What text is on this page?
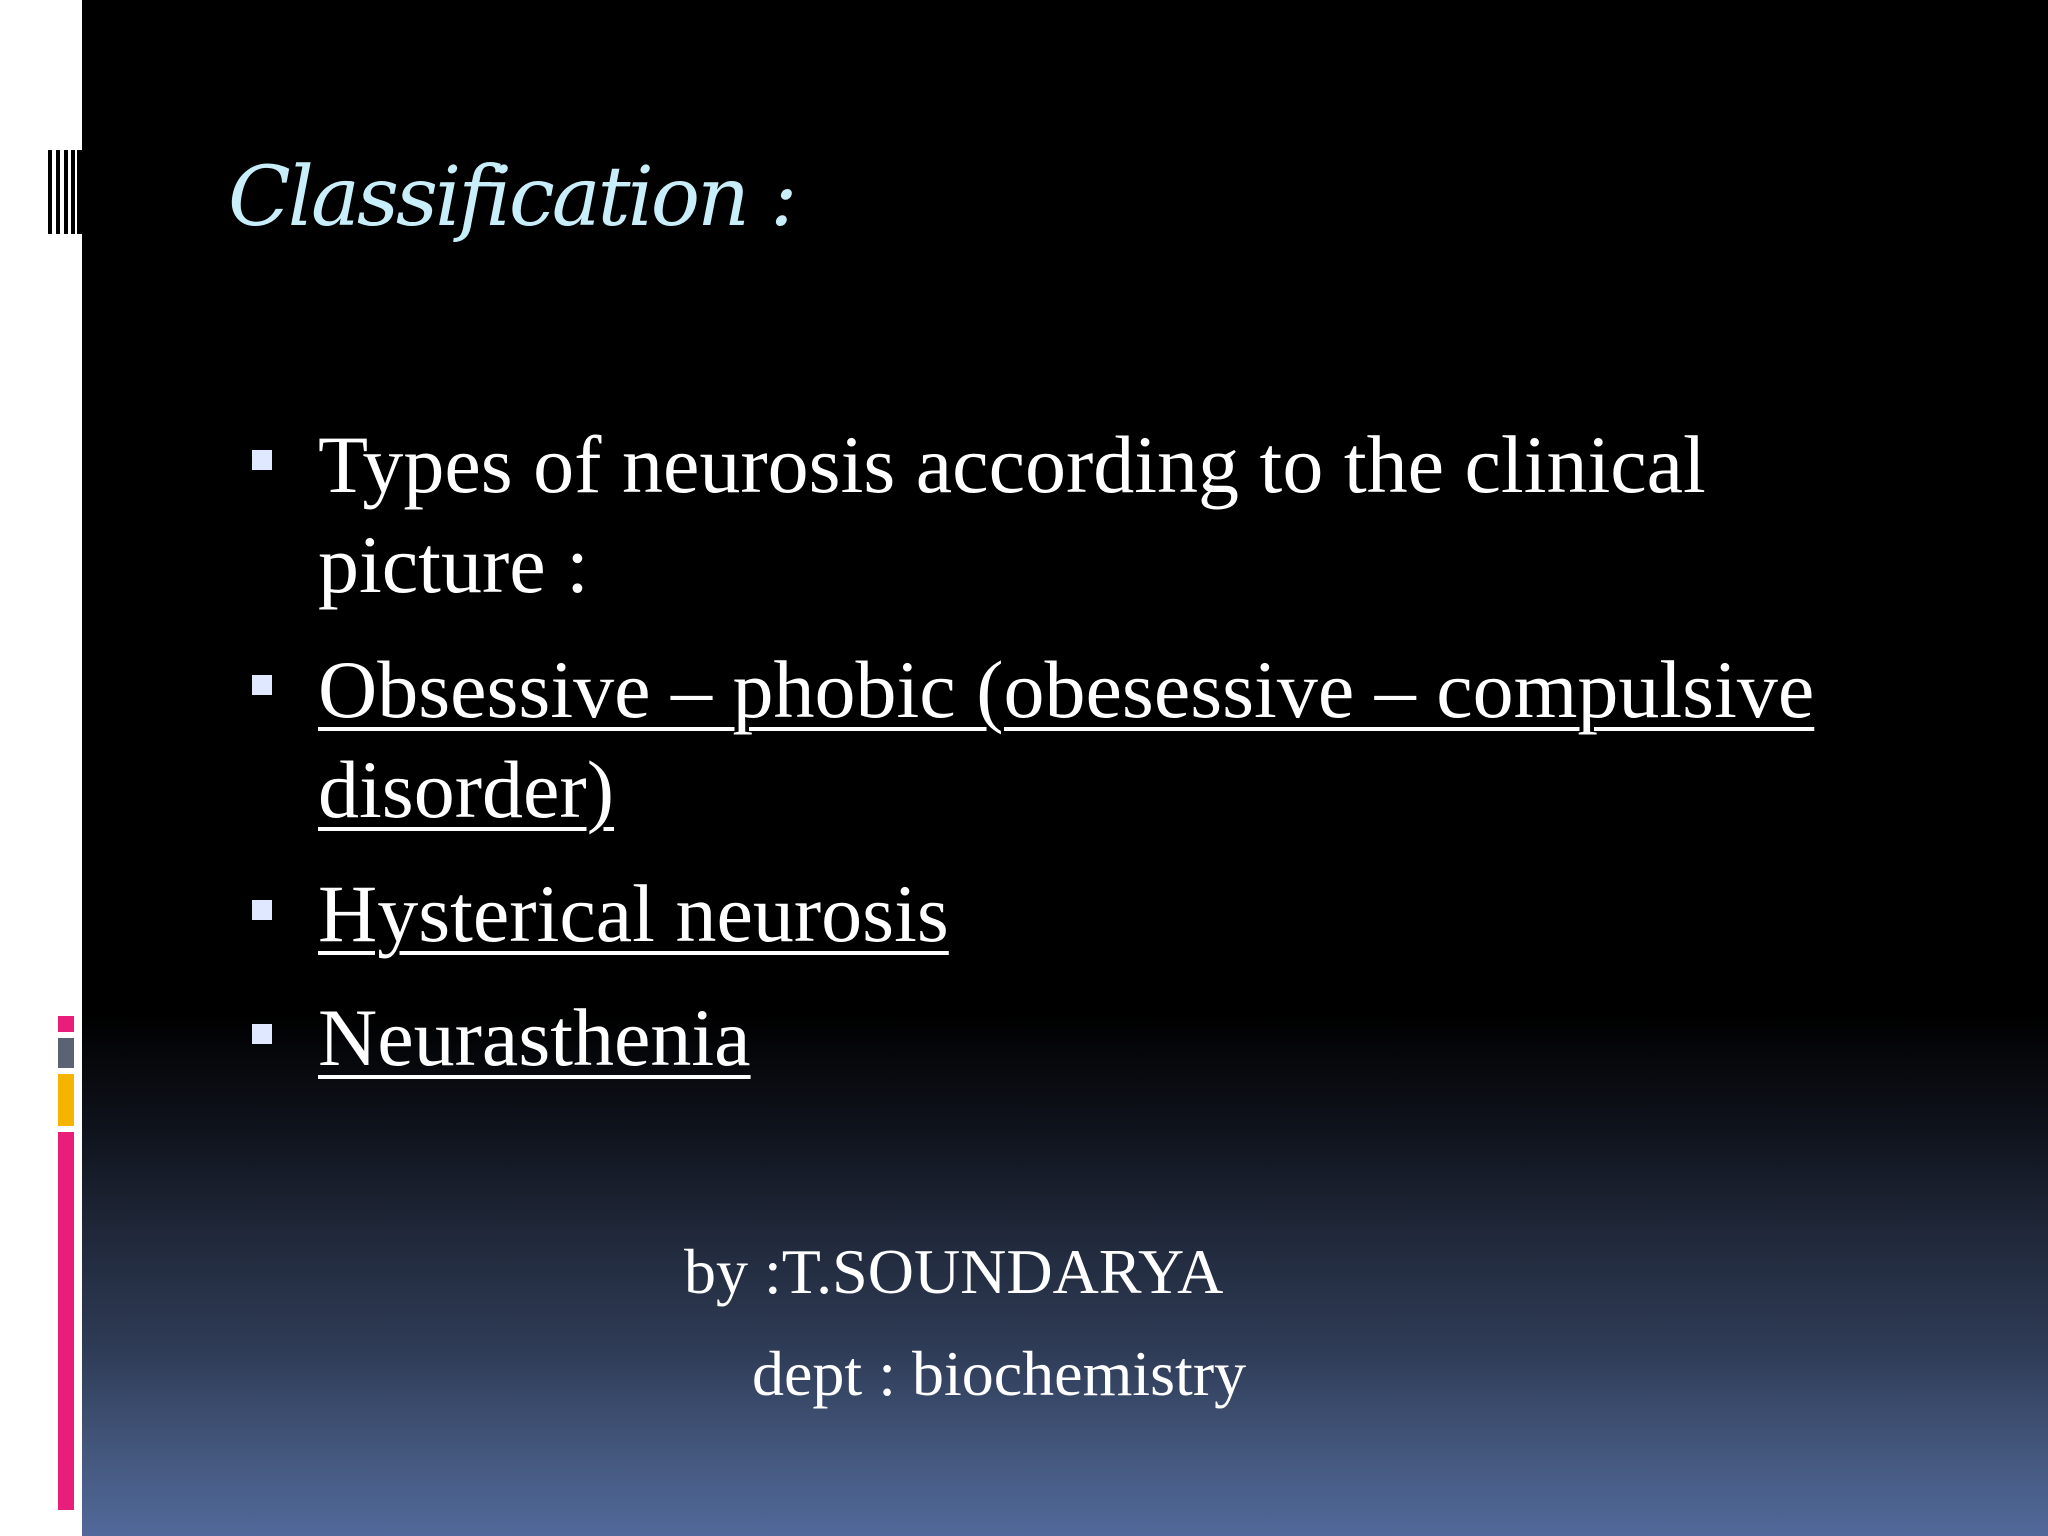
Classification :
Types of neurosis according to the clinical
picture :
Obsessive – phobic (obesessive – compulsive
disorder)
Hysterical neurosis
Neurasthenia
by :T.SOUNDARYA
dept : biochemistry
